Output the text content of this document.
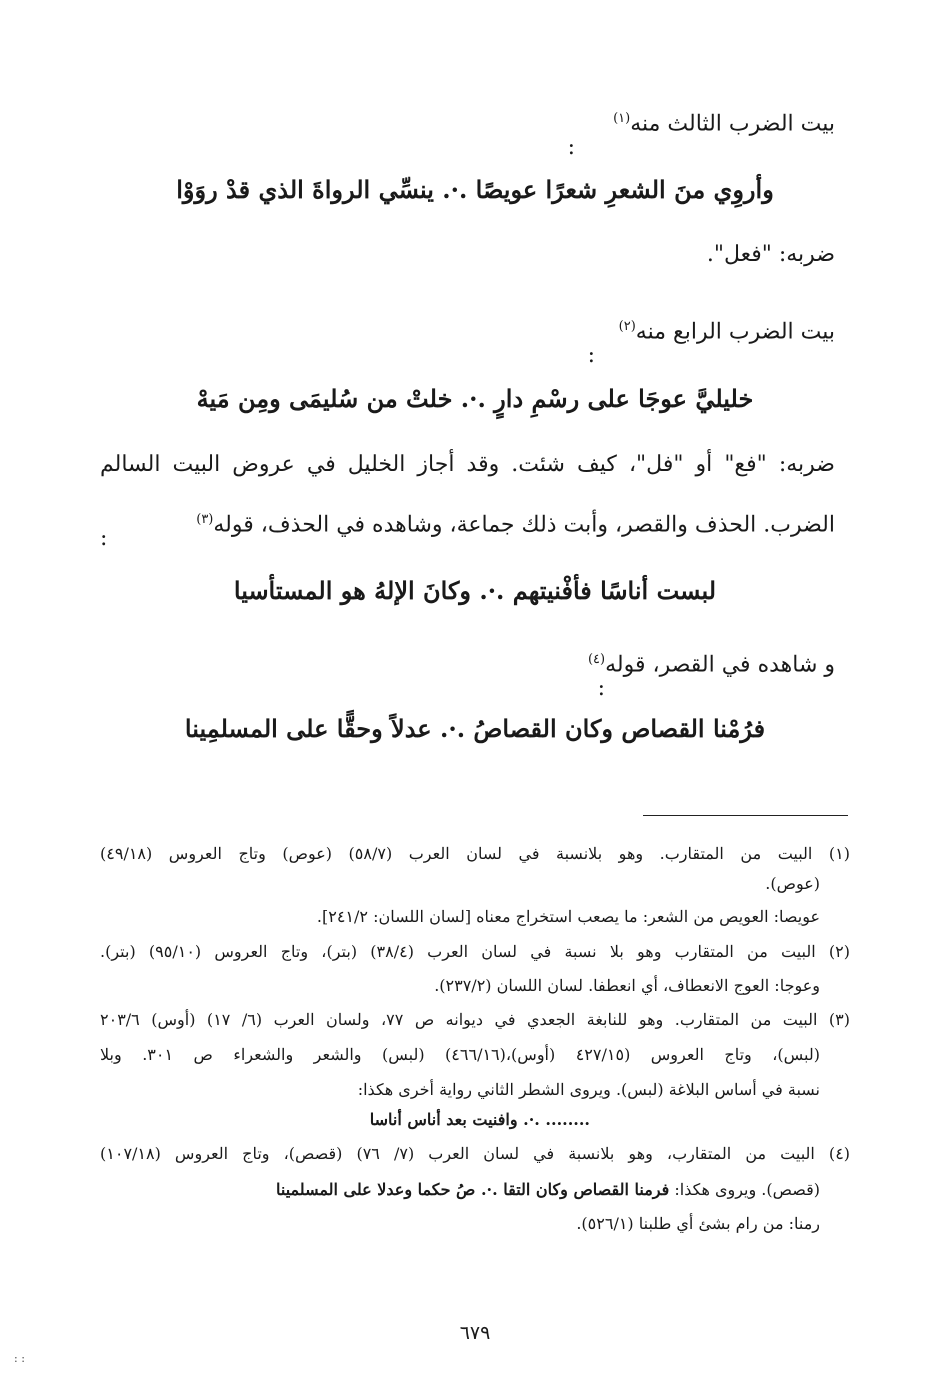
بيت الضرب الثالث منه$^{(١)}$
:
وأروِي منَ الشعرِ شعرًا عويصًا .·. ينسِّي الرواةَ الذي قدْ روَوْا
ضربه: "فعل".
بيت الضرب الرابع منه$^{(٢)}$
:
خليليَّ عوجَا على رسْمِ دارٍ .·. خلتْ من سُليمَى ومِن مَيهْ
ضربه: "فع" أو "فل"، كيف شئت. وقد أجاز الخليل في عروض البيت السالم
الضرب. الحذف والقصر، وأبت ذلك جماعة، وشاهده في الحذف، قوله$^{(٣)}$
:
لبست أناسًا فأفْنيتهم .·. وكانَ الإلهُ هو المستأسيا
و شاهده في القصر، قوله$^{(٤)}$
:
فرُمْنا القصاص وكان القصاصُ .·. عدلاً وحقًّا على المسلمِينا
(١) البيت من المتقارب. وهو بلانسبة في لسان العرب (٥٨/٧) (عوص) وتاج العروس (٤٩/١٨)
(عوص).
عويصا: العويص من الشعر: ما يصعب استخراج معناه [لسان اللسان: ٢٤١/٢].
(٢) البيت من المتقارب وهو بلا نسبة في لسان العرب (٣٨/٤) (بتر)، وتاج العروس (٩٥/١٠) (بتر).
وعوجا: العوج الانعطاف، أي انعطفا. لسان اللسان (٢٣٧/٢).
(٣) البيت من المتقارب. وهو للنابغة الجعدي في ديوانه ص ٧٧، ولسان العرب (٦/ ١٧) (أوس) ٢٠٣/٦
(لبس)، وتاج العروس (٤٢٧/١٥ (أوس)،(٤٦٦/١٦) (لبس) والشعر والشعراء ص ٣٠١. وبلا
نسبة في أساس البلاغة (لبس). ويروى الشطر الثاني رواية أخرى هكذا:
........ .·. وافنيت بعد أناس أناسا
(٤) البيت من المتقارب، وهو بلانسبة في لسان العرب (٧/ ٧٦) (قصص)، وتاج العروس (١٠٧/١٨)
(قصص). ويروى هكذا: فرمنا القصاص وكان التقا .·. صُ حكما وعدلا على المسلمينا
رمنا: من رام بشئ أي طلبنا (٥٢٦/١).
٦٧٩
: :
